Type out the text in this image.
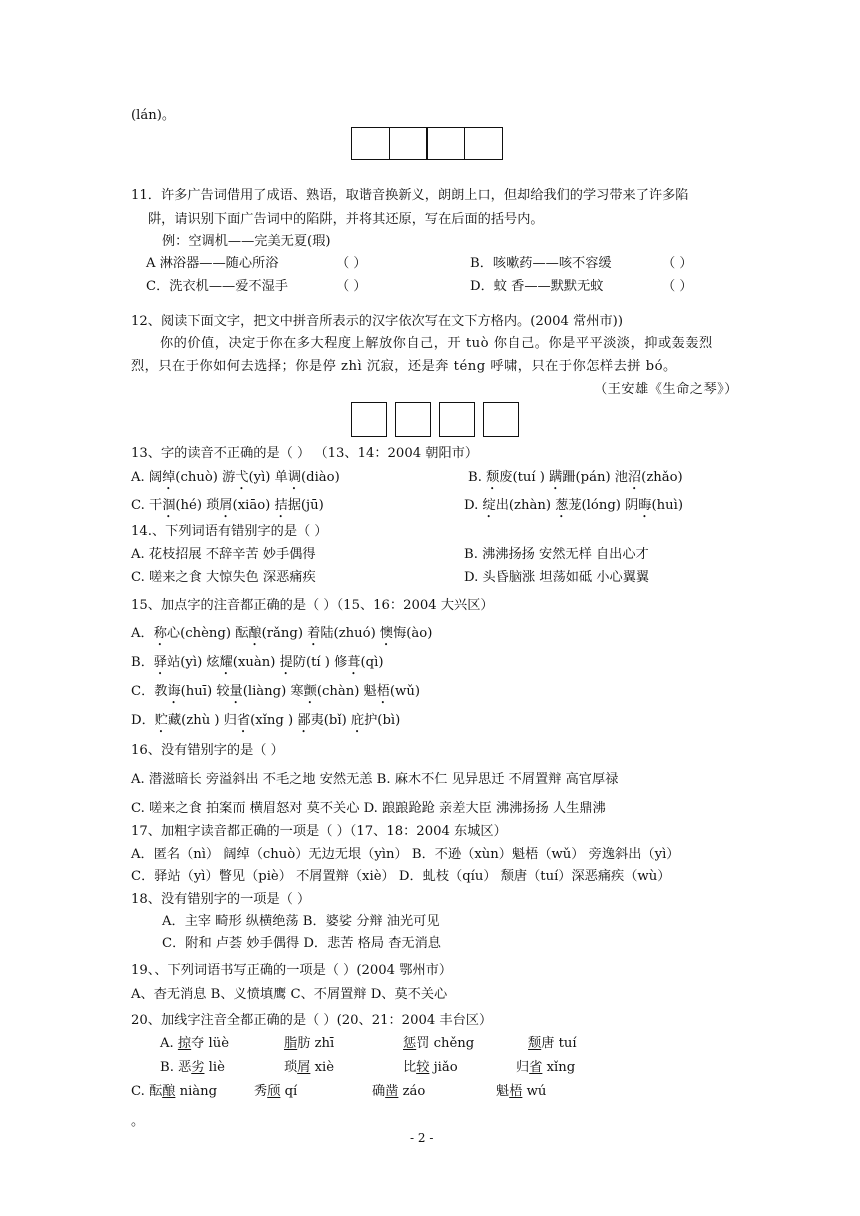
(lán)。
11．许多广告词借用了成语、熟语，取谐音换新义，朗朗上口，但却给我们的学习带来了许多陷
阱，请识别下面广告词中的陷阱，并将其还原，写在后面的括号内。
例：空调机——完美无夏(瑕)
A 淋浴器——随心所浴	（ ）	B．咳嗽药——咳不容缓	（ ）
C．洗衣机——爱不湿手	（ ）	D．蚊 香——默默无蚊	（ ）
12、阅读下面文字，把文中拼音所表示的汉字依次写在文下方格内。(2004 常州市))
你的价值，决定于你在多大程度上解放你自己，开 tuò 你自己。你是平平淡淡，抑或轰轰烈
烈，只在于你如何去选择；你是停 zhì 沉寂，还是奔 téng 呼啸，只在于你怎样去拼 bó。
（王安雄《生命之琴》）
13、字的读音不正确的是（ ） （13、14：2004 朝阳市）
A. 阔绰(chuò) 游弋(yì) 单调(diào)	B. 颓废(tuí ) 蹒跚(pán) 池沼(zhǎo)
C. 干涸(hé) 琐屑(xiāo) 拮据(jū)	D. 绽出(zhàn) 葱茏(lóng) 阴晦(huì)
14.、下列词语有错别字的是（ ）
A. 花枝招展 不辞辛苦 妙手偶得	B. 沸沸扬扬 安然无样 自出心才
C. 嗟来之食 大惊失色 深恶痛疾	D. 头昏脑涨 坦荡如砥 小心翼翼
15、加点字的注音都正确的是（ ）（15、16：2004 大兴区）
A．称心(chèng) 酝酿(rǎng) 着陆(zhuó) 懊悔(ào)
B．驿站(yì) 炫耀(xuàn) 提防(tí ) 修葺(qì)
C．教诲(huī) 较量(liàng) 寒颤(chàn) 魁梧(wǔ)
D．贮藏(zhù ) 归省(xǐng ) 鄙夷(bǐ) 庇护(bì)
16、没有错别字的是（ ）
A. 潜滋暗长 旁溢斜出 不毛之地 安然无恙 B. 麻木不仁 见异思迁 不屑置辩 高官厚禄
C. 嗟来之食 拍案而 横眉怒对 莫不关心 D. 踉踉跄跄 亲差大臣 沸沸扬扬 人生鼎沸
17、加粗字读音都正确的一项是（ ）（17、18：2004 东城区）
A．匿名（nì） 阔绰（chuò）无边无垠（yìn） B．不逊（xùn）魁梧（wǔ） 旁逸斜出（yì）
C．驿站（yì）瞥见（piè） 不屑置辩（xiè） D．虬枝（qíu） 颓唐（tuí）深恶痛疾（wù）
18、没有错别字的一项是（ ）
A．主宰 畸形 纵横绝荡 B．婆娑 分辩 油光可见
C．附和 卢荟 妙手偶得 D．悲苦 格局 杳无消息
19、、下列词语书写正确的一项是（ ）(2004 鄂州市）
A、杳无消息 B、义愤填鹰 C、不屑置辩 D、莫不关心
20、加线字注音全都正确的是（ ）(20、21：2004 丰台区）
A. 掠夺 lüè	脂肪 zhī	惩罚 chěng	颓唐 tuí
B. 恶劣 liè	琐屑 xiè	比较 jiǎo	归省 xǐng
C. 酝酿 niàng	秀颀 qí	确凿 záo	魁梧 wú
。
- 2 -
